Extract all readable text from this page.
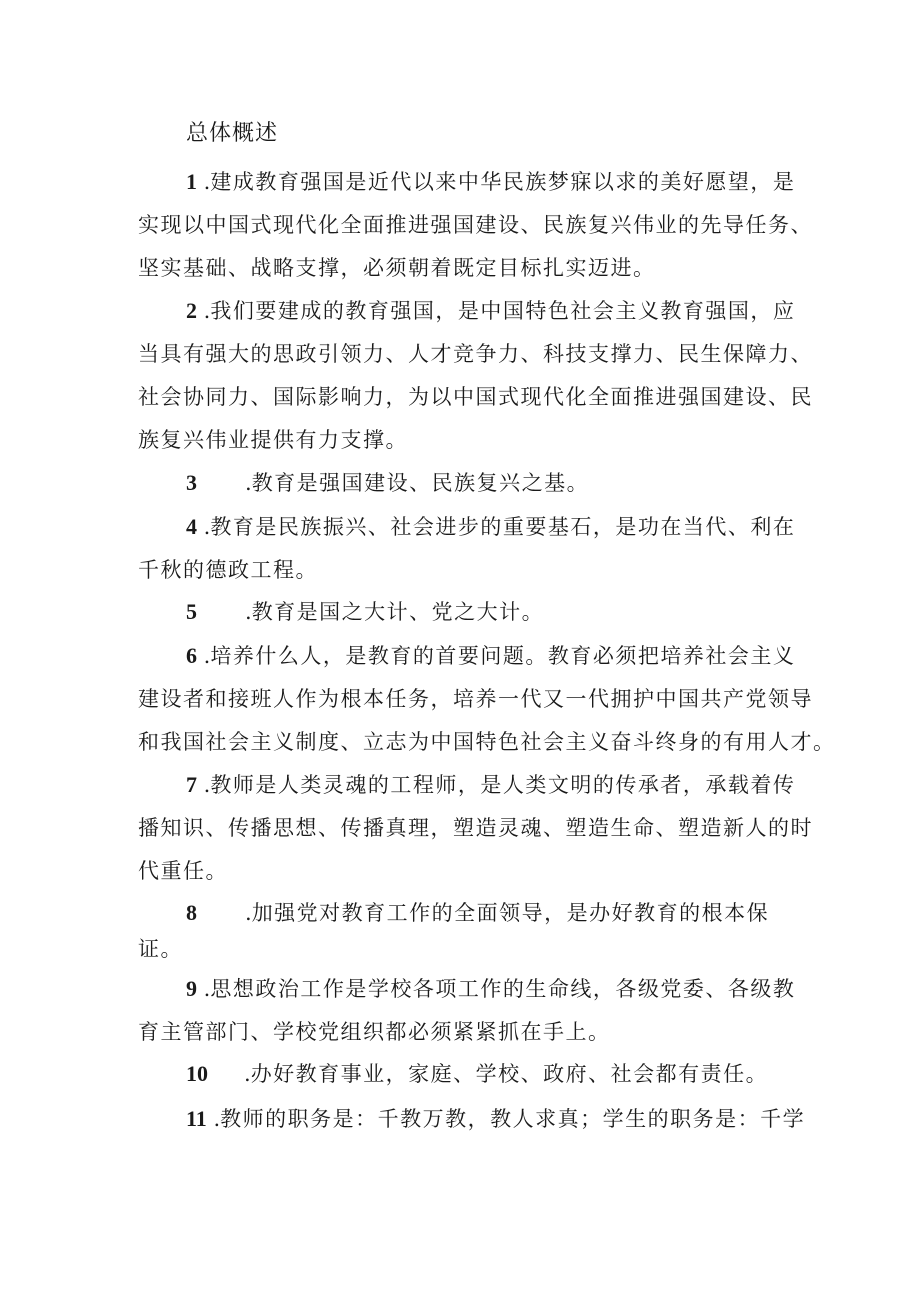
总体概述
1 .建成教育强国是近代以来中华民族梦寐以求的美好愿望，是
实现以中国式现代化全面推进强国建设、民族复兴伟业的先导任务、
坚实基础、战略支撑，必须朝着既定目标扎实迈进。
2 .我们要建成的教育强国，是中国特色社会主义教育强国，应
当具有强大的思政引领力、人才竞争力、科技支撑力、民生保障力、
社会协同力、国际影响力，为以中国式现代化全面推进强国建设、民
族复兴伟业提供有力支撑。
3 .教育是强国建设、民族复兴之基。
4 .教育是民族振兴、社会进步的重要基石，是功在当代、利在
千秋的德政工程。
5 .教育是国之大计、党之大计。
6 .培养什么人，是教育的首要问题。教育必须把培养社会主义
建设者和接班人作为根本任务，培养一代又一代拥护中国共产党领导
和我国社会主义制度、立志为中国特色社会主义奋斗终身的有用人才。
7 .教师是人类灵魂的工程师，是人类文明的传承者，承载着传
播知识、传播思想、传播真理，塑造灵魂、塑造生命、塑造新人的时
代重任。
8 .加强党对教育工作的全面领导，是办好教育的根本保
证。
9 .思想政治工作是学校各项工作的生命线，各级党委、各级教
育主管部门、学校党组织都必须紧紧抓在手上。
10 .办好教育事业，家庭、学校、政府、社会都有责任。
11 .教师的职务是：千教万教，教人求真；学生的职务是：千学
